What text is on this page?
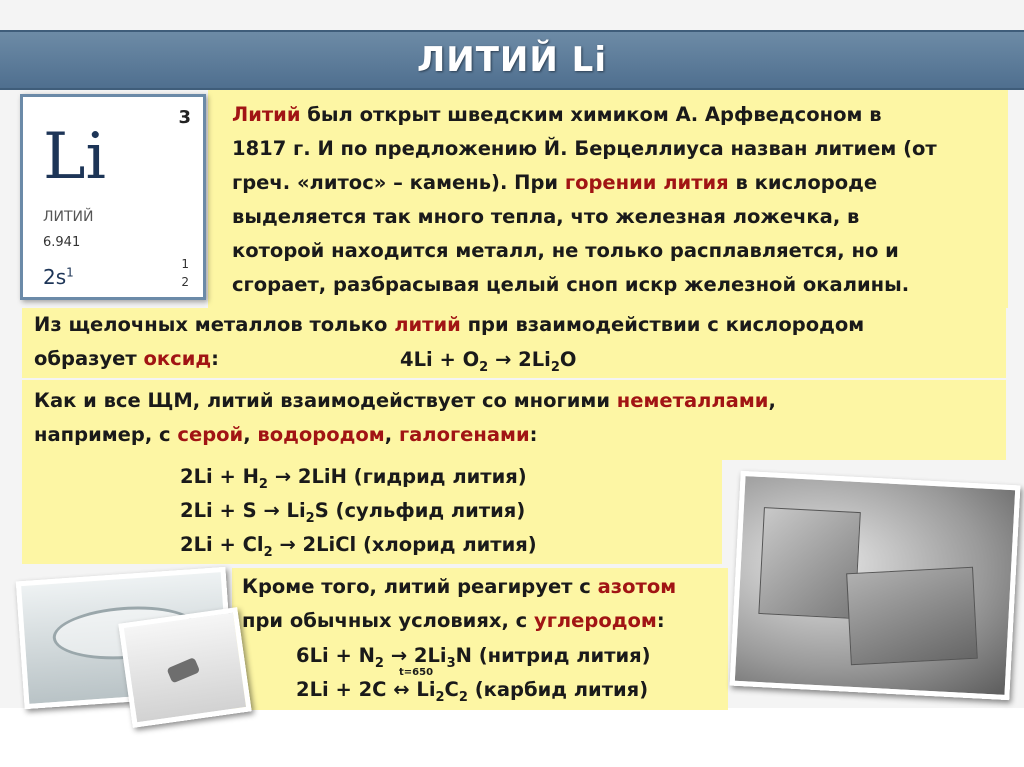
ЛИТИЙ Li
3
Li
ЛИТИЙ
6.941
$2s^1$
1
2
Литий был открыт шведским химиком А. Арфведсоном в
1817 г. И по предложению Й. Берцеллиуса назван литием (от
греч. «литос» – камень). При горении лития в кислороде
выделяется так много тепла, что железная ложечка, в
которой находится металл, не только расплавляется, но и
сгорает, разбрасывая целый сноп искр железной окалины.
Из щелочных металлов только литий при взаимодействии с кислородом
образует оксид:	$4Li + O_2 \to 2Li_2O$
Как и все ЩМ, литий взаимодействует со многими неметаллами,
например, с серой, водородом, галогенами:
$2Li + H_2 \to 2LiH$ (гидрид лития)
$2Li + S \to Li_2S$ (сульфид лития)
$2Li + Cl_2$ → 2LiCl (хлорид лития)
Кроме того, литий реагирует с азотом
при обычных условиях, с углеродом:
$6Li + N_2 \to 2Li_3N$ (нитрид лития)
t=650
2Li + 2C ↔ $Li_2C_2$ (карбид лития)
